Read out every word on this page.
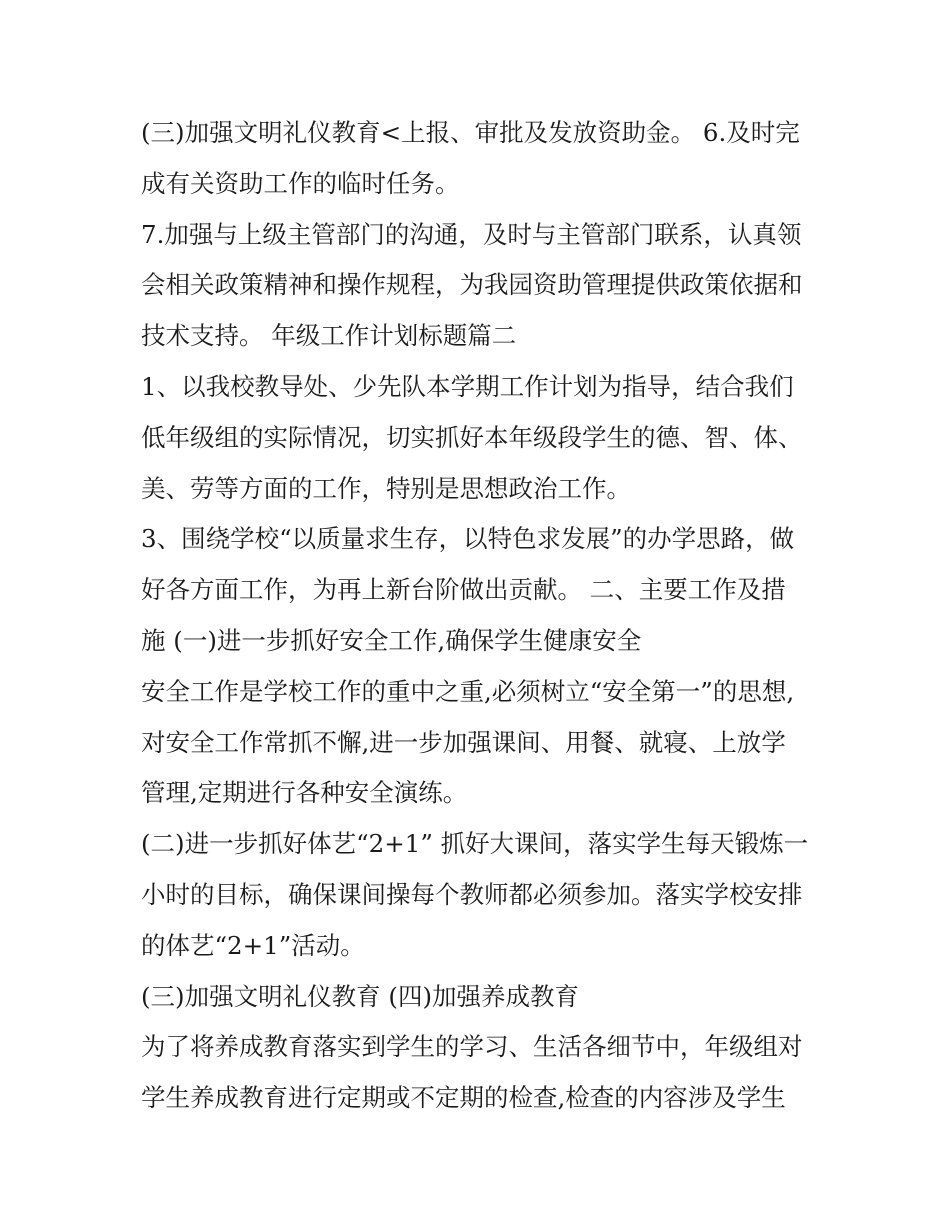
(三)加强文明礼仪教育<上报、审批及发放资助金。 6.及时完
成有关资助工作的临时任务。
7.加强与上级主管部门的沟通，及时与主管部门联系，认真领
会相关政策精神和操作规程，为我园资助管理提供政策依据和
技术支持。 年级工作计划标题篇二
1、以我校教导处、少先队本学期工作计划为指导，结合我们
低年级组的实际情况，切实抓好本年级段学生的德、智、体、
美、劳等方面的工作，特别是思想政治工作。
3、围绕学校“以质量求生存，以特色求发展”的办学思路，做
好各方面工作，为再上新台阶做出贡献。 二、主要工作及措
施 (一)进一步抓好安全工作,确保学生健康安全
安全工作是学校工作的重中之重,必须树立“安全第一”的思想,
对安全工作常抓不懈,进一步加强课间、用餐、就寝、上放学
管理,定期进行各种安全演练。
(二)进一步抓好体艺“2+1” 抓好大课间，落实学生每天锻炼一
小时的目标，确保课间操每个教师都必须参加。落实学校安排
的体艺“2+1”活动。
(三)加强文明礼仪教育 (四)加强养成教育
为了将养成教育落实到学生的学习、生活各细节中，年级组对
学生养成教育进行定期或不定期的检查,检查的内容涉及学生
